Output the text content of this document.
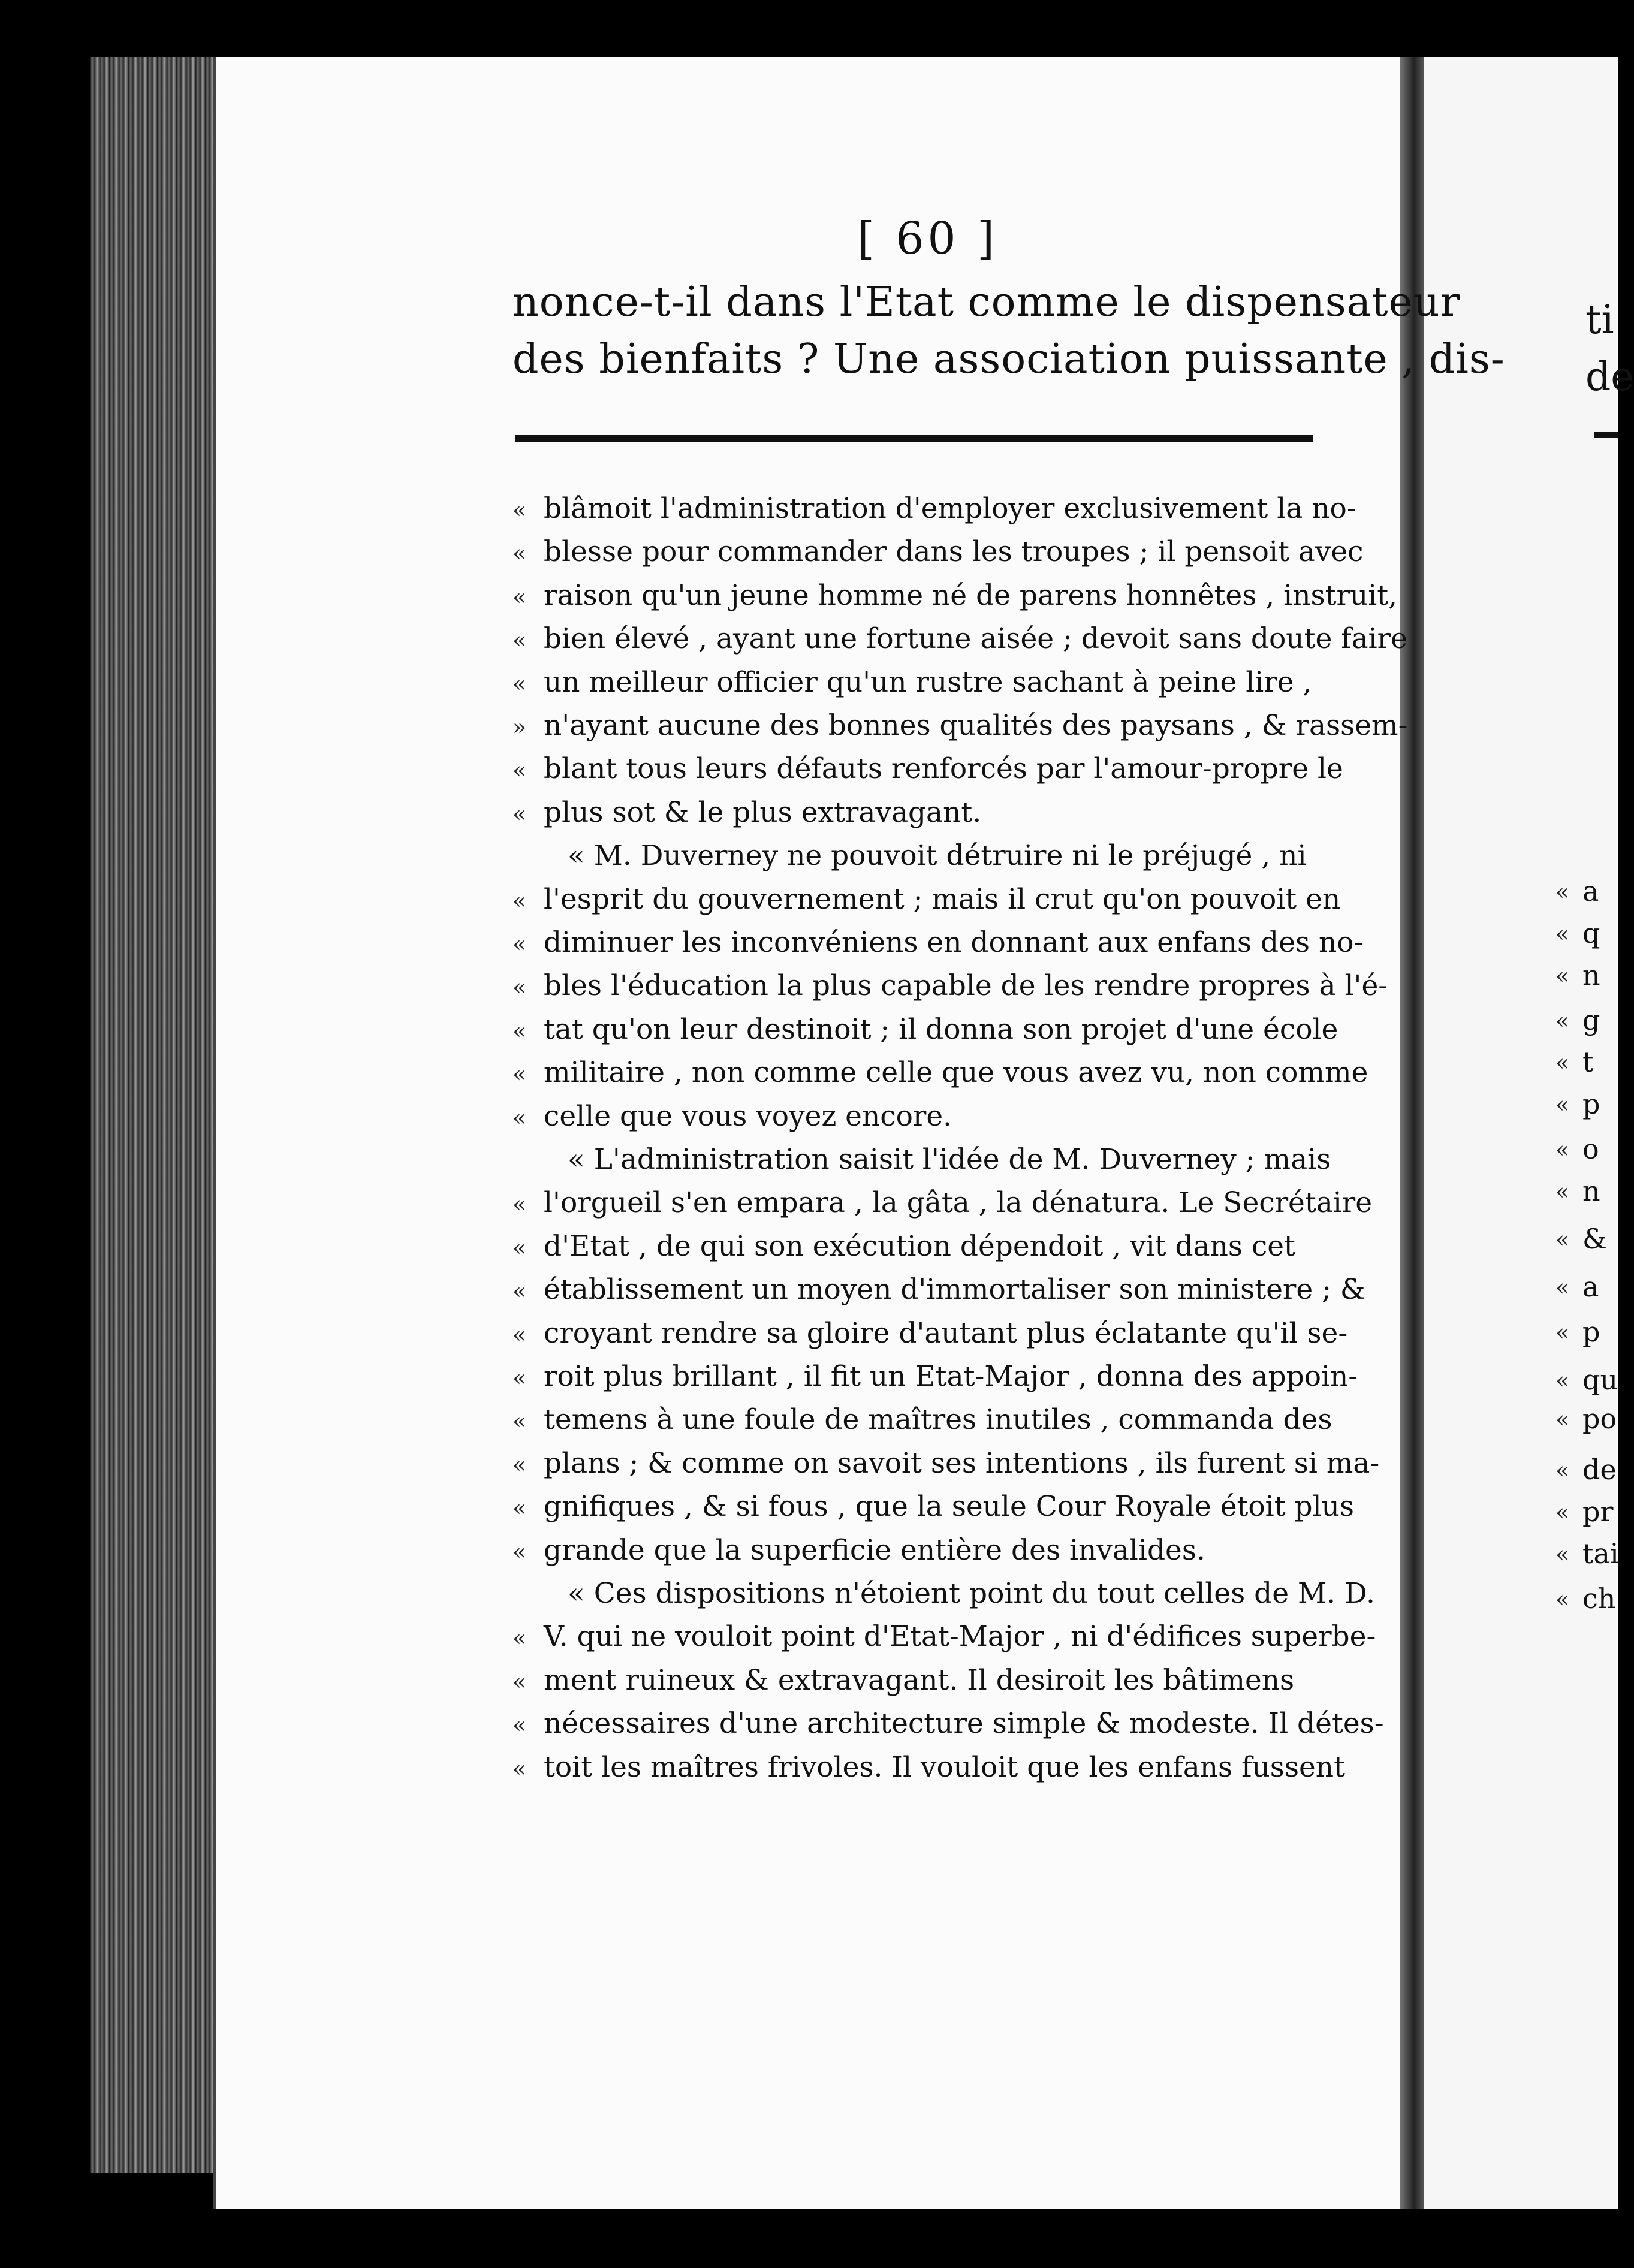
[ 60 ]
nonce-t-il dans l'Etat comme le dispensateur
des bienfaits ? Une association puissante , dis-
« blâmoit l'administration d'employer exclusivement la no-
« blesse pour commander dans les troupes ; il pensoit avec
« raison qu'un jeune homme né de parens honnêtes , instruit,
« bien élevé , ayant une fortune aisée ; devoit sans doute faire
« un meilleur officier qu'un rustre sachant à peine lire ,
» n'ayant aucune des bonnes qualités des paysans , & rassem-
« blant tous leurs défauts renforcés par l'amour-propre le
« plus sot & le plus extravagant.
« M. Duverney ne pouvoit détruire ni le préjugé , ni
« l'esprit du gouvernement ; mais il crut qu'on pouvoit en
« diminuer les inconvéniens en donnant aux enfans des no-
« bles l'éducation la plus capable de les rendre propres à l'é-
« tat qu'on leur destinoit ; il donna son projet d'une école
« militaire , non comme celle que vous avez vu, non comme
« celle que vous voyez encore.
« L'administration saisit l'idée de M. Duverney ; mais
« l'orgueil s'en empara , la gâta , la dénatura. Le Secrétaire
« d'Etat , de qui son exécution dépendoit , vit dans cet
« établissement un moyen d'immortaliser son ministere ; &
« croyant rendre sa gloire d'autant plus éclatante qu'il se-
« roit plus brillant , il fit un Etat-Major , donna des appoin-
« temens à une foule de maîtres inutiles , commanda des
« plans ; & comme on savoit ses intentions , ils furent si ma-
« gnifiques , & si fous , que la seule Cour Royale étoit plus
« grande que la superficie entière des invalides.
« Ces dispositions n'étoient point du tout celles de M. D.
« V. qui ne vouloit point d'Etat-Major , ni d'édifices superbe-
« ment ruineux & extravagant. Il desiroit les bâtimens
« nécessaires d'une architecture simple & modeste. Il détes-
« toit les maîtres frivoles. Il vouloit que les enfans fussent
ti
de
« a
« q
« n
« g
« t
« p
« o
« n
« &
« a
« p
« qu
« po
« de
« pr
« tai
« ch
